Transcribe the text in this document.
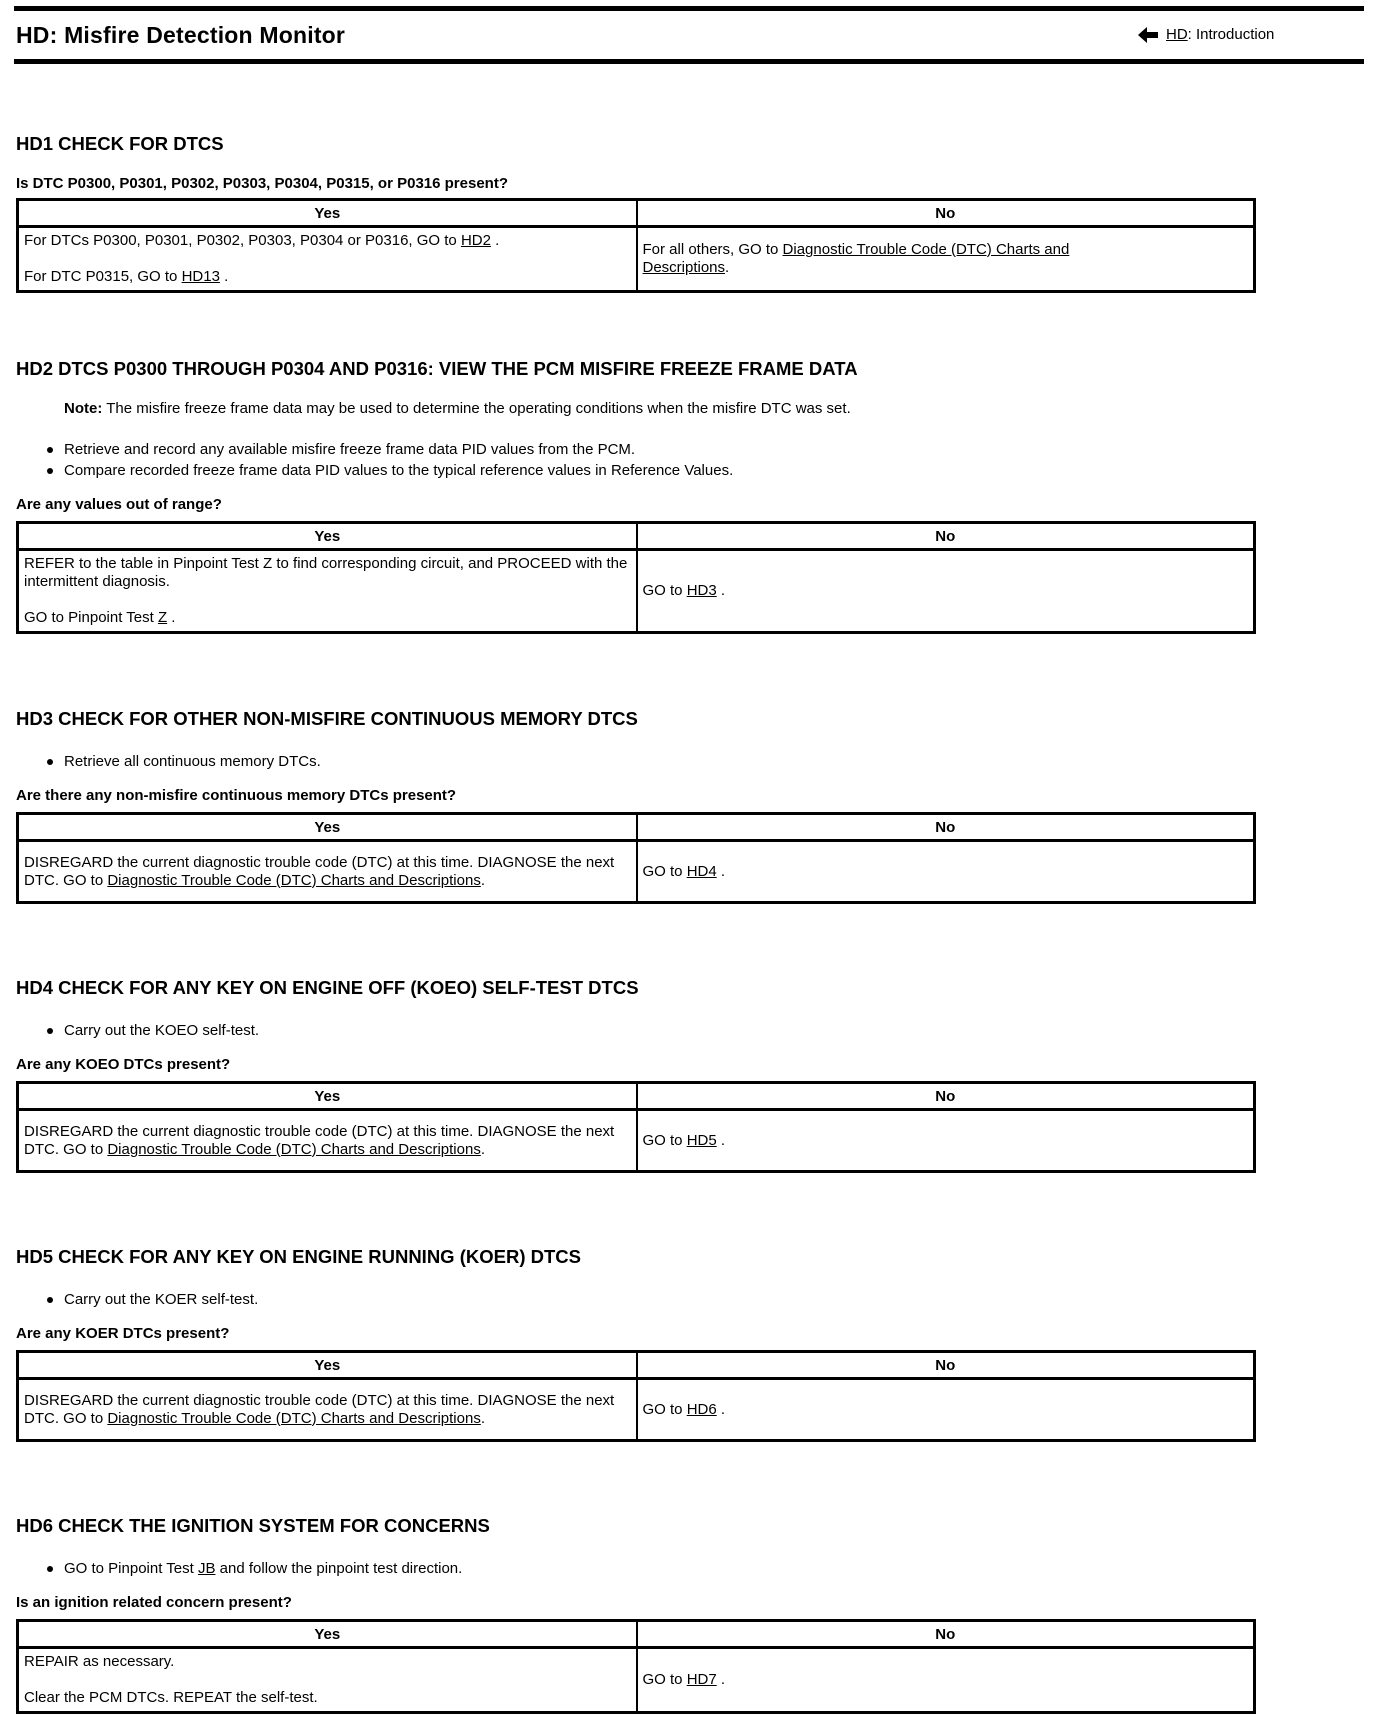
HD: Misfire Detection Monitor	HD : Introduction
HD1 CHECK FOR DTCS
Is DTC P0300, P0301, P0302, P0303, P0304, P0315, or P0316 present?
Yes	No

For DTCs P0300, P0301, P0302, P0303, P0304 or P0316, GO to HD2 .

For DTC P0315, GO to HD13 .	For all others, GO to Diagnostic Trouble Code (DTC) Charts and Descriptions.
HD2 DTCS P0300 THROUGH P0304 AND P0316: VIEW THE PCM MISFIRE FREEZE FRAME DATA
Note: The misfire freeze frame data may be used to determine the operating conditions when the misfire DTC was set.
Retrieve and record any available misfire freeze frame data PID values from the PCM.
Compare recorded freeze frame data PID values to the typical reference values in Reference Values.
Are any values out of range?
Yes	No

REFER to the table in Pinpoint Test Z to find corresponding circuit, and PROCEED with the intermittent diagnosis.

GO to Pinpoint Test Z .	GO to HD3 .
HD3 CHECK FOR OTHER NON-MISFIRE CONTINUOUS MEMORY DTCS
Retrieve all continuous memory DTCs.
Are there any non-misfire continuous memory DTCs present?
Yes	No
DISREGARD the current diagnostic trouble code (DTC) at this time. DIAGNOSE the next DTC. GO to Diagnostic Trouble Code (DTC) Charts and Descriptions.	GO to HD4 .
HD4 CHECK FOR ANY KEY ON ENGINE OFF (KOEO) SELF-TEST DTCS
Carry out the KOEO self-test.
Are any KOEO DTCs present?
Yes	No
DISREGARD the current diagnostic trouble code (DTC) at this time. DIAGNOSE the next DTC. GO to Diagnostic Trouble Code (DTC) Charts and Descriptions.	GO to HD5 .
HD5 CHECK FOR ANY KEY ON ENGINE RUNNING (KOER) DTCS
Carry out the KOER self-test.
Are any KOER DTCs present?
Yes	No
DISREGARD the current diagnostic trouble code (DTC) at this time. DIAGNOSE the next DTC. GO to Diagnostic Trouble Code (DTC) Charts and Descriptions.	GO to HD6 .
HD6 CHECK THE IGNITION SYSTEM FOR CONCERNS
GO to Pinpoint Test JB and follow the pinpoint test direction.
Is an ignition related concern present?
Yes	No

REPAIR as necessary.

Clear the PCM DTCs. REPEAT the self-test.	GO to HD7 .
